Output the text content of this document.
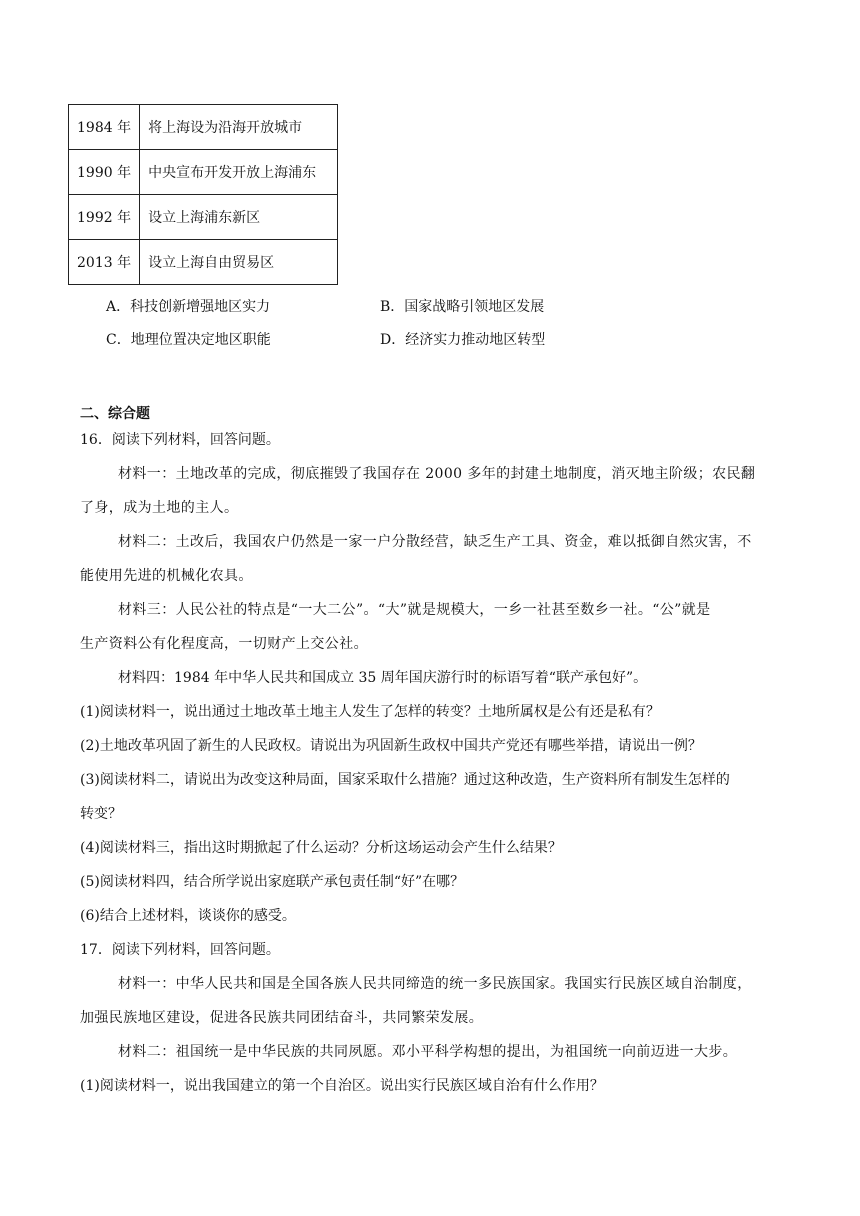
1984 年	将上海设为沿海开放城市
1990 年	中央宣布开发开放上海浦东
1992 年	设立上海浦东新区
2013 年	设立上海自由贸易区
A．科技创新增强地区实力	B．国家战略引领地区发展
C．地理位置决定地区职能	D．经济实力推动地区转型
二、综合题
16．阅读下列材料，回答问题。
材料一：土地改革的完成，彻底摧毁了我国存在 2000 多年的封建土地制度，消灭地主阶级；农民翻
了身，成为土地的主人。
材料二：土改后，我国农户仍然是一家一户分散经营，缺乏生产工具、资金，难以抵御自然灾害，不
能使用先进的机械化农具。
材料三：人民公社的特点是“一大二公”。“大”就是规模大，一乡一社甚至数乡一社。“公”就是
生产资料公有化程度高，一切财产上交公社。
材料四：1984 年中华人民共和国成立 35 周年国庆游行时的标语写着“联产承包好”。
(1)阅读材料一，说出通过土地改革土地主人发生了怎样的转变？土地所属权是公有还是私有？
(2)土地改革巩固了新生的人民政权。请说出为巩固新生政权中国共产党还有哪些举措，请说出一例？
(3)阅读材料二，请说出为改变这种局面，国家采取什么措施？通过这种改造，生产资料所有制发生怎样的
转变？
(4)阅读材料三，指出这时期掀起了什么运动？分析这场运动会产生什么结果？
(5)阅读材料四，结合所学说出家庭联产承包责任制“好”在哪？
(6)结合上述材料，谈谈你的感受。
17．阅读下列材料，回答问题。
材料一：中华人民共和国是全国各族人民共同缔造的统一多民族国家。我国实行民族区域自治制度，
加强民族地区建设，促进各民族共同团结奋斗，共同繁荣发展。
材料二：祖国统一是中华民族的共同夙愿。邓小平科学构想的提出，为祖国统一向前迈进一大步。
(1)阅读材料一，说出我国建立的第一个自治区。说出实行民族区域自治有什么作用？
